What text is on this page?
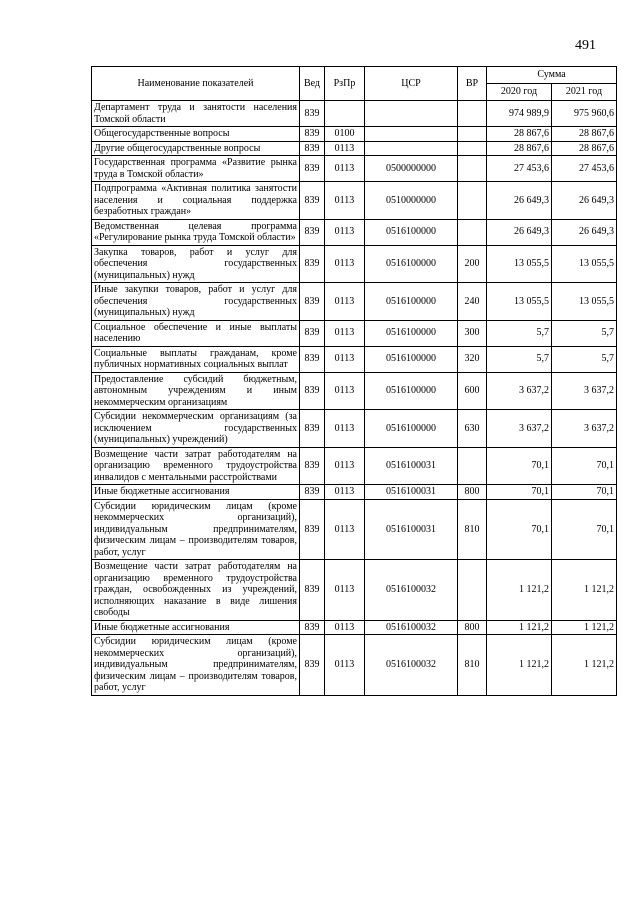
491
Наименование показателей	Вед	РзПр	ЦСР	ВР	Сумма	
					2020 год	2021 год
Департамент труда и занятости населения Томской области	839				974 989,9	975 960,6
Общегосударственные вопросы	839	0100			28 867,6	28 867,6
Другие общегосударственные вопросы	839	0113			28 867,6	28 867,6
Государственная программа «Развитие рынка труда в Томской области»	839	0113	0500000000		27 453,6	27 453,6
Подпрограмма «Активная политика занятости населения и социальная поддержка безработных граждан»	839	0113	0510000000		26 649,3	26 649,3
Ведомственная целевая программа «Регулирование рынка труда Томской области»	839	0113	0516100000		26 649,3	26 649,3
Закупка товаров, работ и услуг для обеспечения государственных (муниципальных) нужд	839	0113	0516100000	200	13 055,5	13 055,5
Иные закупки товаров, работ и услуг для обеспечения государственных (муниципальных) нужд	839	0113	0516100000	240	13 055,5	13 055,5
Социальное обеспечение и иные выплаты населению	839	0113	0516100000	300	5,7	5,7
Социальные выплаты гражданам, кроме публичных нормативных социальных выплат	839	0113	0516100000	320	5,7	5,7
Предоставление субсидий бюджетным, автономным учреждениям и иным некоммерческим организациям	839	0113	0516100000	600	3 637,2	3 637,2
Субсидии некоммерческим организациям (за исключением государственных (муниципальных) учреждений)	839	0113	0516100000	630	3 637,2	3 637,2
Возмещение части затрат работодателям на организацию временного трудоустройства инвалидов с ментальными расстройствами	839	0113	0516100031		70,1	70,1
Иные бюджетные ассигнования	839	0113	0516100031	800	70,1	70,1
Субсидии юридическим лицам (кроме некоммерческих организаций), индивидуальным предпринимателям, физическим лицам – производителям товаров, работ, услуг	839	0113	0516100031	810	70,1	70,1
Возмещение части затрат работодателям на организацию временного трудоустройства граждан, освобожденных из учреждений, исполняющих наказание в виде лишения свободы	839	0113	0516100032		1 121,2	1 121,2
Иные бюджетные ассигнования	839	0113	0516100032	800	1 121,2	1 121,2
Субсидии юридическим лицам (кроме некоммерческих организаций), индивидуальным предпринимателям, физическим лицам – производителям товаров, работ, услуг	839	0113	0516100032	810	1 121,2	1 121,2
